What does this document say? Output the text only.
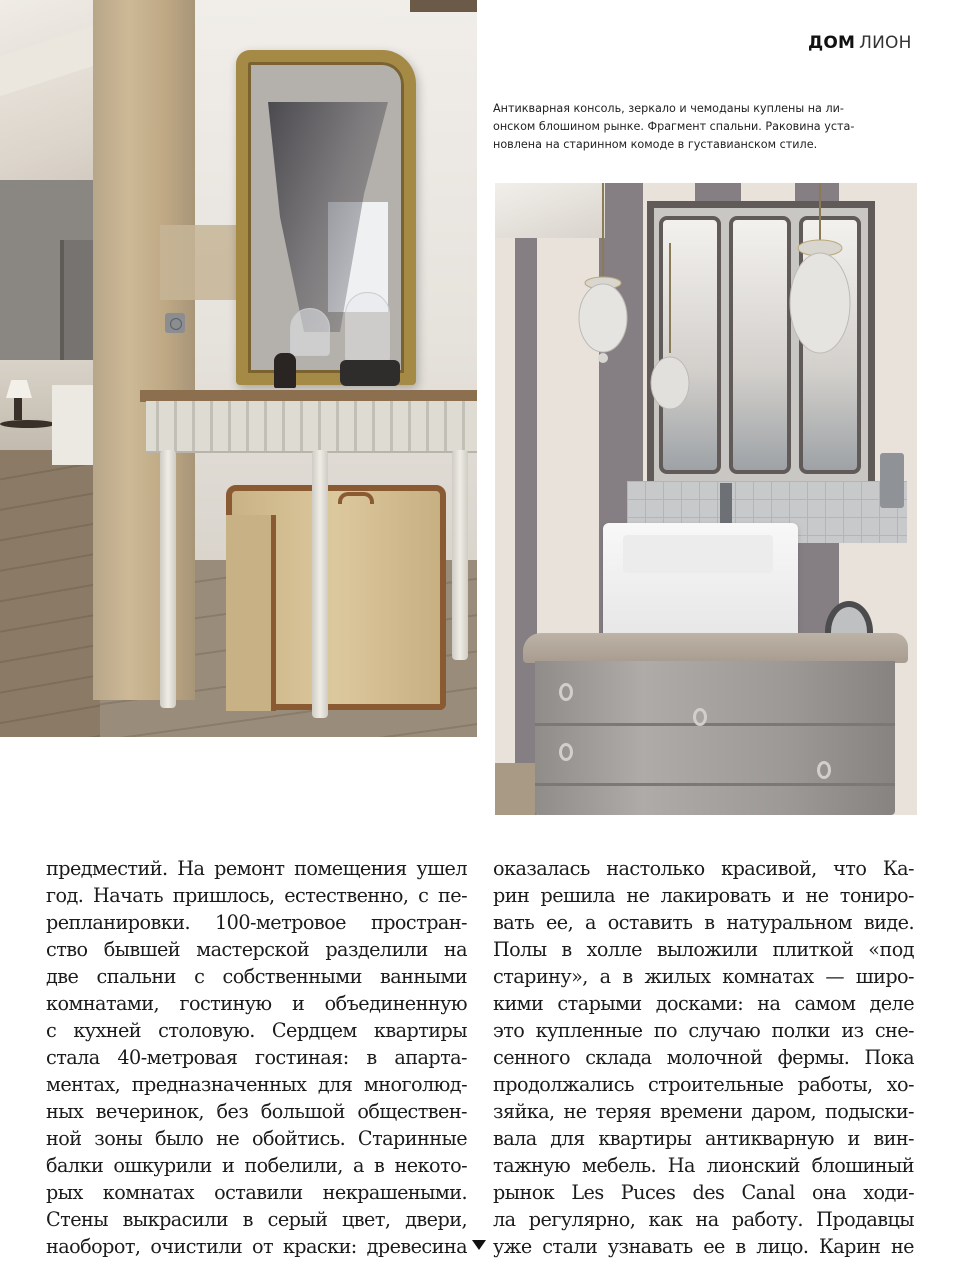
ДОМ ЛИОН
Антикварная консоль, зеркало и чемоданы куплены на ли-
онском блошином рынке. Фрагмент спальни. Раковина уста-
новлена на старинном комоде в густавианском стиле.
предместий. На ремонт помещения ушел
год. Начать пришлось, естественно, с пе-
репланировки. 100-метровое простран-
ство бывшей мастерской разделили на
две спальни с собственными ванными
комнатами, гостиную и объединенную
с кухней столовую. Сердцем квартиры
стала 40-метровая гостиная: в апарта-
ментах, предназначенных для многолюд-
ных вечеринок, без большой обществен-
ной зоны было не обойтись. Старинные
балки ошкурили и побелили, а в некото-
рых комнатах оставили некрашеными.
Стены выкрасили в серый цвет, двери,
наоборот, очистили от краски: древесина
оказалась настолько красивой, что Ка-
рин решила не лакировать и не тониро-
вать ее, а оставить в натуральном виде.
Полы в холле выложили плиткой «под
старину», а в жилых комнатах — широ-
кими старыми досками: на самом деле
это купленные по случаю полки из сне-
сенного склада молочной фермы. Пока
продолжались строительные работы, хо-
зяйка, не теряя времени даром, подыски-
вала для квартиры антикварную и вин-
тажную мебель. На лионский блошиный
рынок Les Puces des Canal она ходи-
ла регулярно, как на работу. Продавцы
уже стали узнавать ее в лицо. Карин не
